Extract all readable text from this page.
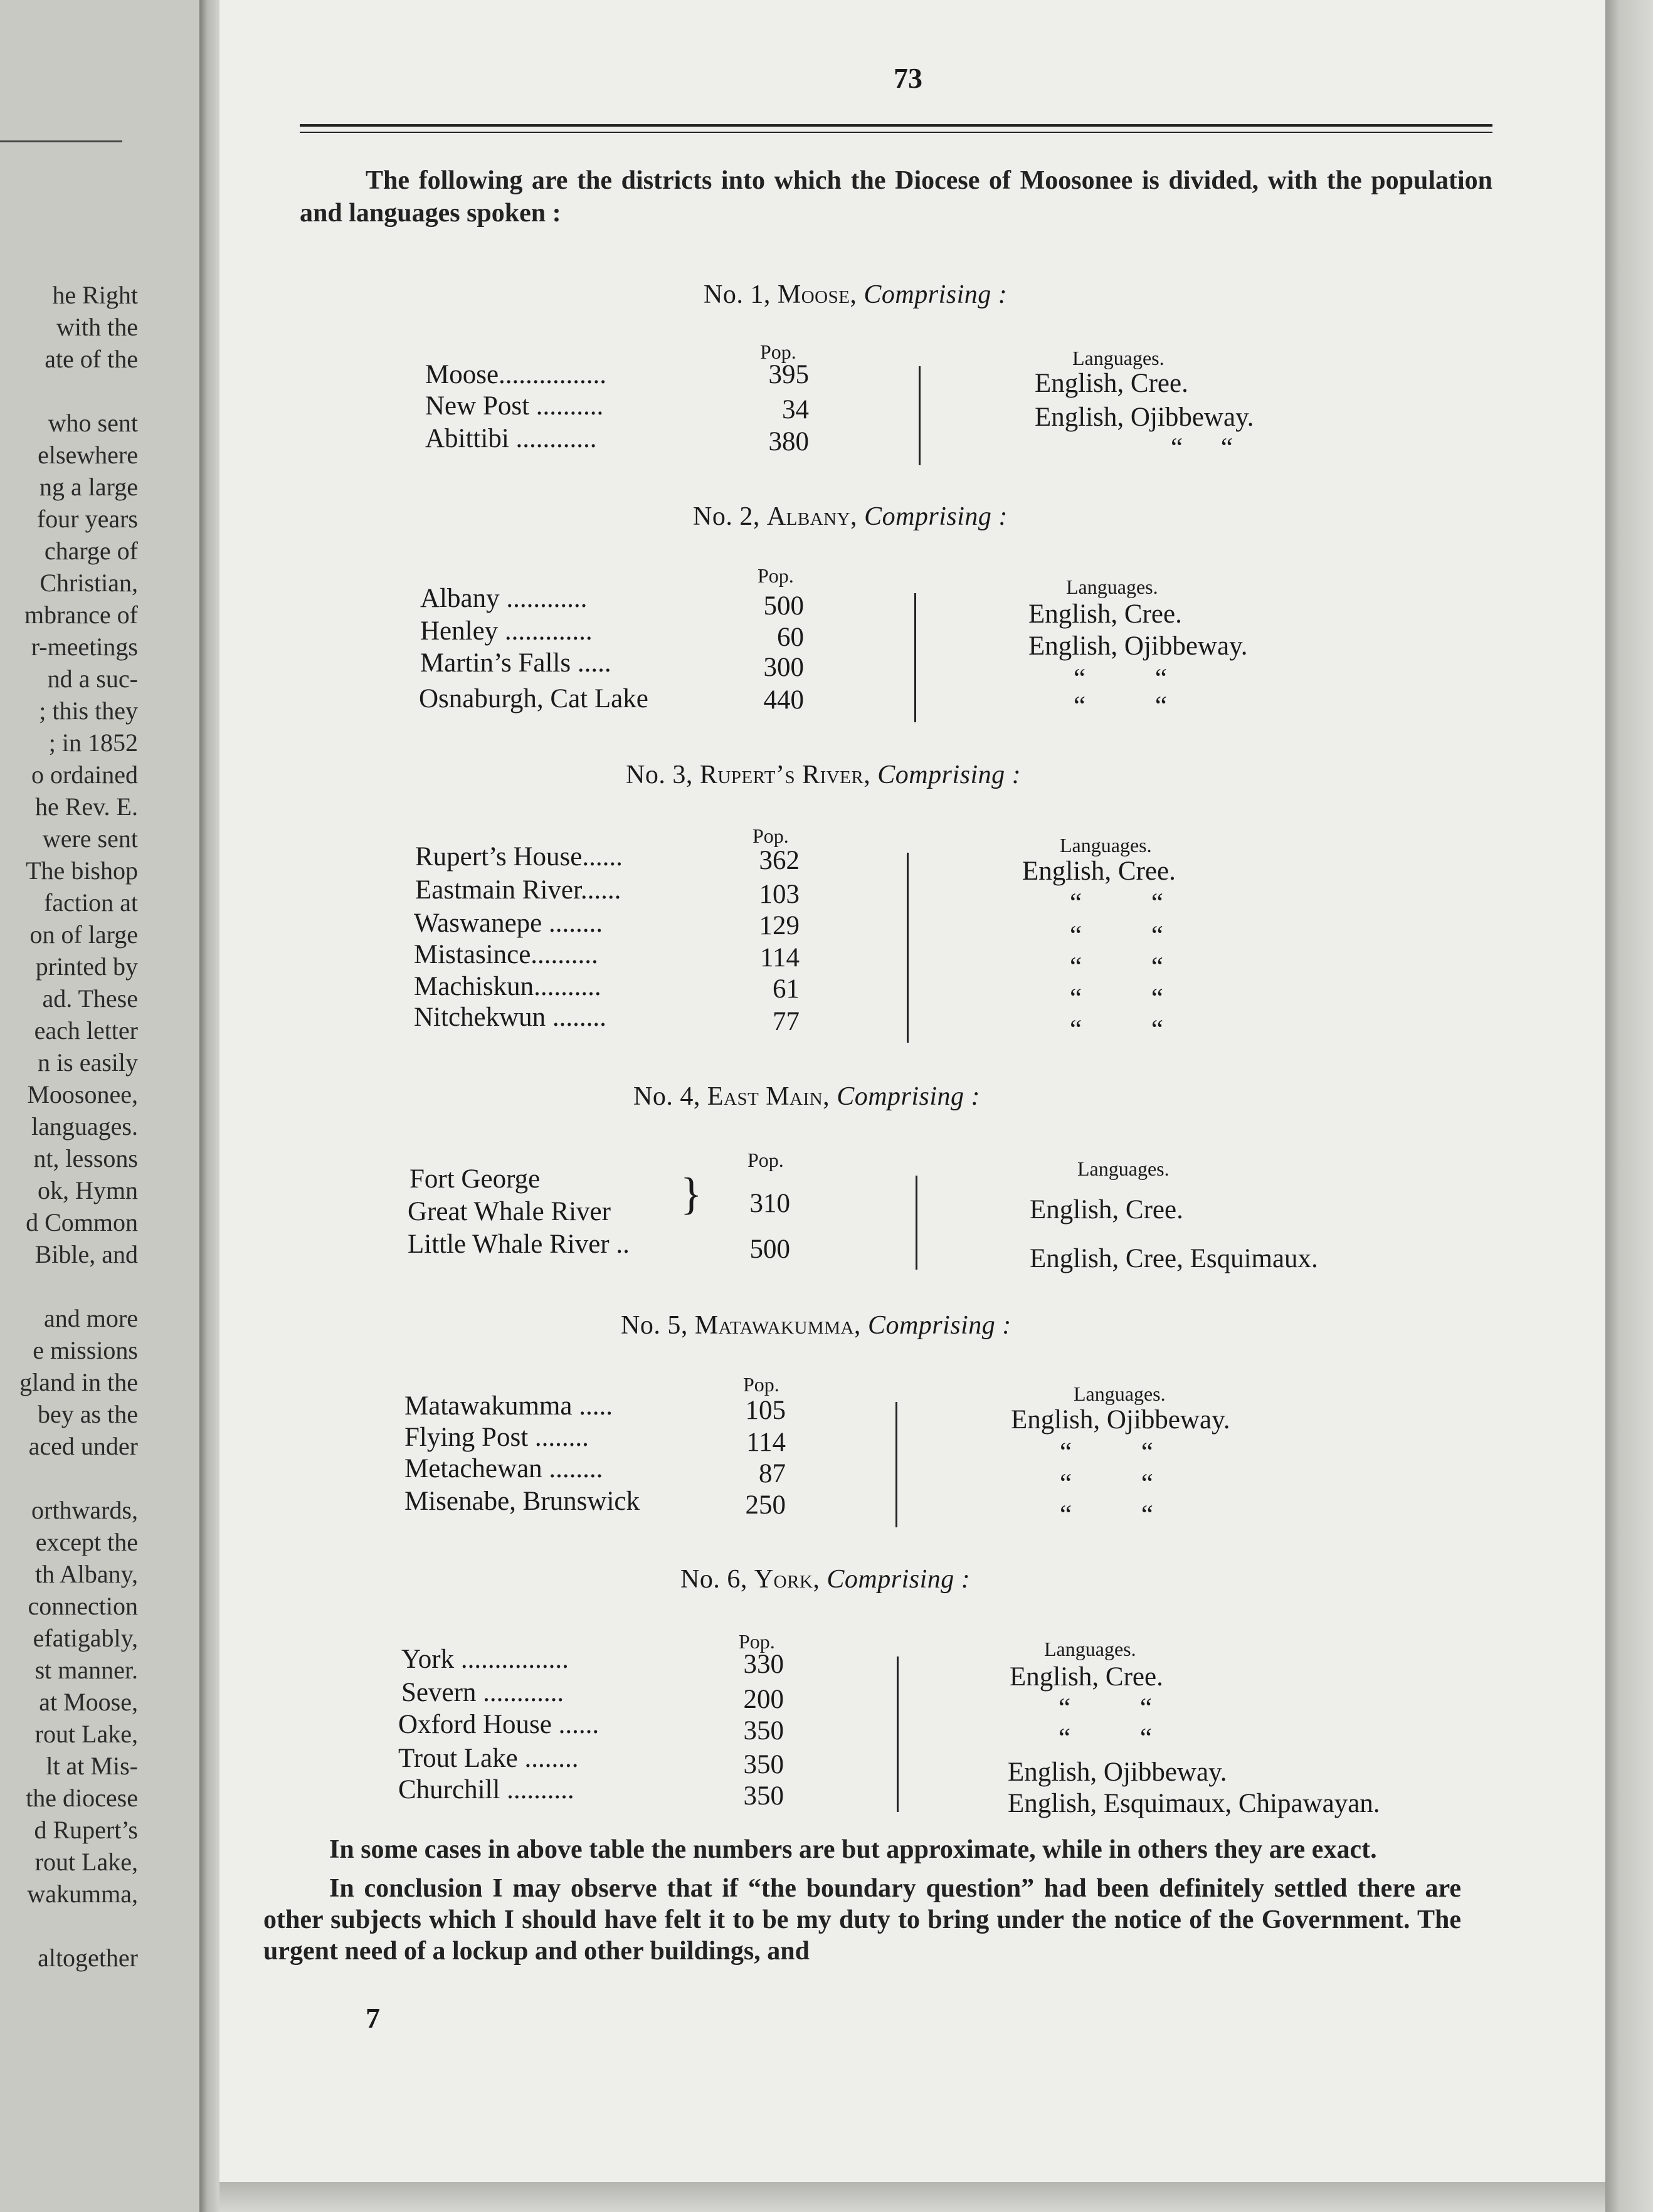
he Right
with the
ate of the
who sent
elsewhere
ng a large
four years
charge of
Christian,
mbrance of
r-meetings
nd a suc-
; this they
; in 1852
o ordained
he Rev. E.
were sent
The bishop
faction at
on of large
printed by
ad. These
each letter
n is easily
Moosonee,
languages.
nt, lessons
ok, Hymn
d Common
Bible, and
and more
e missions
gland in the
bey as the
aced under
orthwards,
except the
th Albany,
connection
efatigably,
st manner.
at Moose,
rout Lake,
lt at Mis-
the diocese
d Rupert’s
rout Lake,
wakumma,
altogether
73

The following are the districts into which the Diocese of Moosonee is divided, with the population and languages spoken :

No. 1, Moose, Comprising :
Pop.	Languages.
Moose................	395	English, Cree.
New Post ..........	34	English, Ojibbeway.
Abittibi ............	380	“ “
No. 2, Albany, Comprising :
Pop.	Languages.
Albany ............	500	English, Cree.
Henley .............	60	English, Ojibbeway.
Martin’s Falls .....	300	“ “
Osnaburgh, Cat Lake	440	“ “
No. 3, Rupert’s River, Comprising :
Pop.	Languages.
Rupert’s House......	362	English, Cree.
Eastmain River......	103	“ “
Waswanepe ........	129	“ “
Mistasince..........	114	“ “
Machiskun..........	61	“ “
Nitchekwun ........	77	“ “
No. 4, East Main, Comprising :
Pop.	Languages.
Fort George
Great Whale River }	310	English, Cree.
Little Whale River ..	500	English, Cree, Esquimaux.
No. 5, Matawakumma, Comprising :
Pop.	Languages.
Matawakumma .....	105	English, Ojibbeway.
Flying Post ........	114	“ “
Metachewan ........	87	“ “
Misenabe, Brunswick	250	“ “
No. 6, York, Comprising :
Pop.	Languages.
York ................	330	English, Cree.
Severn ............	200	“ “
Oxford House ......	350	“ “
Trout Lake ........	350	English, Ojibbeway.
Churchill ..........	350	English, Esquimaux, Chipawayan.

In some cases in above table the numbers are but approximate, while in others they are exact.

In conclusion I may observe that if “the boundary question” had been definitely settled there are other subjects which I should have felt it to be my duty to bring under the notice of the Government. The urgent need of a lockup and other buildings, and

7
